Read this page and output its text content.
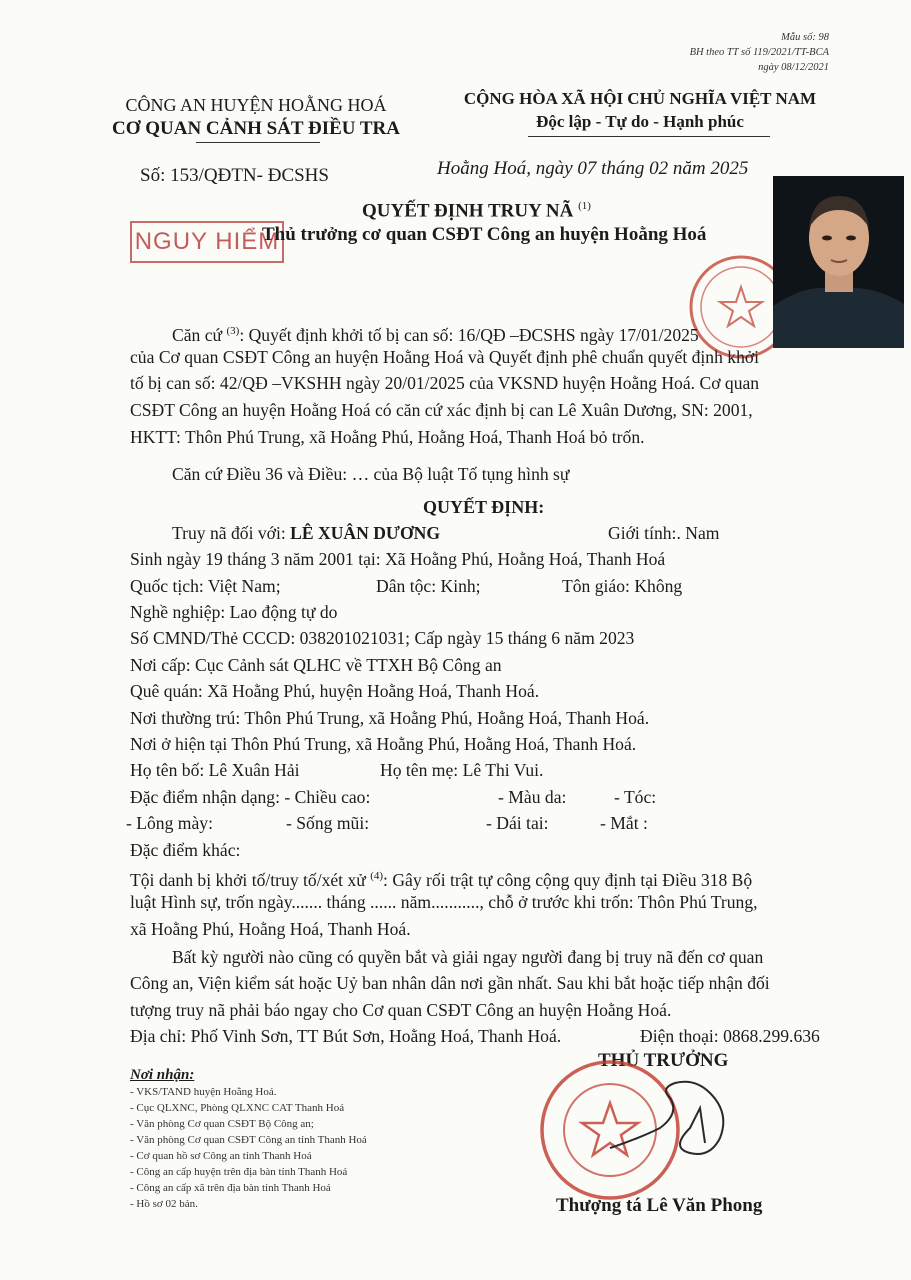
Mẫu số: 98
BH theo TT số 119/2021/TT-BCA
ngày 08/12/2021
CÔNG AN HUYỆN HOẰNG HOÁ
CƠ QUAN CẢNH SÁT ĐIỀU TRA
CỘNG HÒA XÃ HỘI CHỦ NGHĨA VIỆT NAM
Độc lập - Tự do - Hạnh phúc
Số: 153/QĐTN- ĐCSHS	Hoằng Hoá, ngày 07 tháng 02 năm 2025
QUYẾT ĐỊNH TRUY NÃ $^{(1)}$
NGUY HIỂM
Thủ trưởng cơ quan CSĐT Công an huyện Hoằng Hoá
Căn cứ $^{(3)}$: Quyết định khởi tố bị can số: 16/QĐ –ĐCSHS ngày 17/01/2025
của Cơ quan CSĐT Công an huyện Hoằng Hoá và Quyết định phê chuẩn quyết định khởi
tố bị can số: 42/QĐ –VKSHH ngày 20/01/2025 của VKSND huyện Hoằng Hoá. Cơ quan
CSĐT Công an huyện Hoằng Hoá có căn cứ xác định bị can Lê Xuân Dương, SN: 2001,
HKTT: Thôn Phú Trung, xã Hoằng Phú, Hoằng Hoá, Thanh Hoá bỏ trốn.
Căn cứ Điều 36 và Điều: … của Bộ luật Tố tụng hình sự
QUYẾT ĐỊNH:
Truy nã đối với: LÊ XUÂN DƯƠNG	Giới tính:. Nam
Sinh ngày 19 tháng 3 năm 2001 tại: Xã Hoằng Phú, Hoằng Hoá, Thanh Hoá
Quốc tịch: Việt Nam;	Dân tộc: Kinh;	Tôn giáo: Không
Nghề nghiệp: Lao động tự do
Số CMND/Thẻ CCCD: 038201021031; Cấp ngày 15 tháng 6 năm 2023
Nơi cấp: Cục Cảnh sát QLHC về TTXH Bộ Công an
Quê quán: Xã Hoằng Phú, huyện Hoằng Hoá, Thanh Hoá.
Nơi thường trú: Thôn Phú Trung, xã Hoằng Phú, Hoằng Hoá, Thanh Hoá.
Nơi ở hiện tại Thôn Phú Trung, xã Hoằng Phú, Hoằng Hoá, Thanh Hoá.
Họ tên bố: Lê Xuân Hải	Họ tên mẹ: Lê Thi Vui.
Đặc điểm nhận dạng: - Chiều cao:	- Màu da:	- Tóc:
- Lông mày:	- Sống mũi:	- Dái tai:	- Mắt :
Đặc điểm khác:
Tội danh bị khởi tố/truy tố/xét xử $^{(4)}$: Gây rối trật tự công cộng quy định tại Điều 318 Bộ
luật Hình sự, trốn ngày....... tháng ...... năm..........., chỗ ở trước khi trốn: Thôn Phú Trung,
xã Hoằng Phú, Hoằng Hoá, Thanh Hoá.
Bất kỳ người nào cũng có quyền bắt và giải ngay người đang bị truy nã đến cơ quan
Công an, Viện kiểm sát hoặc Uỷ ban nhân dân nơi gần nhất. Sau khi bắt hoặc tiếp nhận đối
tượng truy nã phải báo ngay cho Cơ quan CSĐT Công an huyện Hoằng Hoá.
Địa chỉ: Phố Vinh Sơn, TT Bút Sơn, Hoằng Hoá, Thanh Hoá.	Điện thoại: 0868.299.636
THỦ TRƯỞNG
Thượng tá Lê Văn Phong
Nơi nhận:
- VKS/TAND huyện Hoằng Hoá.
- Cục QLXNC, Phòng QLXNC CAT Thanh Hoá
- Văn phòng Cơ quan CSĐT Bộ Công an;
- Văn phòng Cơ quan CSĐT Công an tỉnh Thanh Hoá
- Cơ quan hồ sơ Công an tỉnh Thanh Hoá
- Công an cấp huyện trên địa bàn tỉnh Thanh Hoá
- Công an cấp xã trên địa bàn tỉnh Thanh Hoá
- Hồ sơ 02 bản.
